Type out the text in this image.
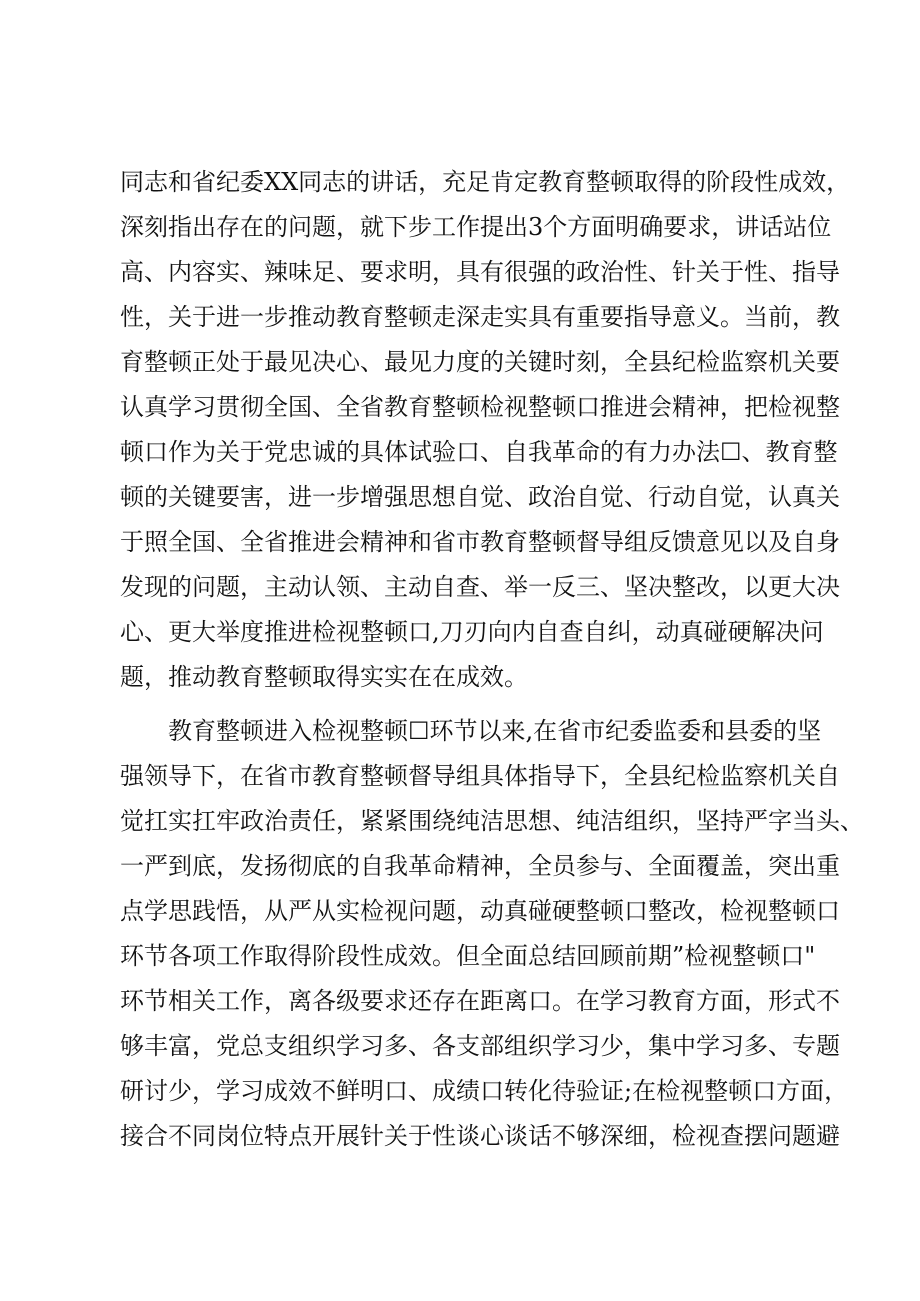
同志和省纪委XX同志的讲话，充足肯定教育整顿取得的阶段性成效，
深刻指出存在的问题，就下步工作提出3个方面明确要求，讲话站位
高、内容实、辣味足、要求明，具有很强的政治性、针关于性、指导
性，关于进一步推动教育整顿走深走实具有重要指导意义。当前，教
育整顿正处于最见决心、最见力度的关键时刻，全县纪检监察机关要
认真学习贯彻全国、全省教育整顿检视整顿口推进会精神，把检视整
顿口作为关于党忠诚的具体试验口、自我革命的有力办法☐、教育整
顿的关键要害，进一步增强思想自觉、政治自觉、行动自觉，认真关
于照全国、全省推进会精神和省市教育整顿督导组反馈意见以及自身
发现的问题，主动认领、主动自查、举一反三、坚决整改，以更大决
心、更大举度推进检视整顿口,刀刃向内自查自纠，动真碰硬解决问
题，推动教育整顿取得实实在在成效。
教育整顿进入检视整顿☐环节以来,在省市纪委监委和县委的坚
强领导下，在省市教育整顿督导组具体指导下，全县纪检监察机关自
觉扛实扛牢政治责任，紧紧围绕纯洁思想、纯洁组织，坚持严字当头、
一严到底，发扬彻底的自我革命精神，全员参与、全面覆盖，突出重
点学思践悟，从严从实检视问题，动真碰硬整顿口整改，检视整顿口
环节各项工作取得阶段性成效。但全面总结回顾前期”检视整顿口"
环节相关工作，离各级要求还存在距离口。在学习教育方面，形式不
够丰富，党总支组织学习多、各支部组织学习少，集中学习多、专题
研讨少，学习成效不鲜明口、成绩口转化待验证;在检视整顿口方面，
接合不同岗位特点开展针关于性谈心谈话不够深细，检视查摆问题避
